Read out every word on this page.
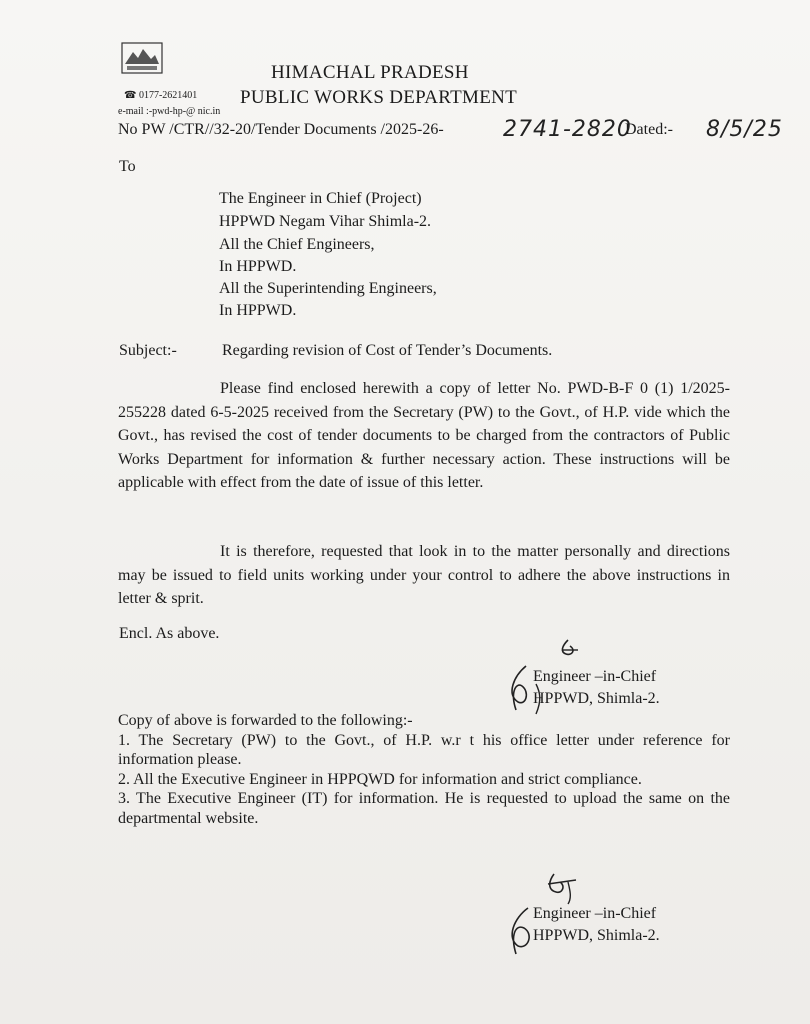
HIMACHAL PRADESH
PUBLIC WORKS DEPARTMENT
☎ 0177-2621401
e-mail :-pwd-hp-@ nic.in
No PW /CTR//32-20/Tender Documents /2025-26-	2741-2820
Dated:- 8/5/25
To
The Engineer in Chief (Project)
HPPWD Negam Vihar Shimla-2.
All the Chief Engineers,
In HPPWD.
All the Superintending Engineers,
In HPPWD.
Subject:-	Regarding revision of Cost of Tender’s Documents.

Please find enclosed herewith a copy of letter No. PWD-B-F 0 (1) 1/2025-255228 dated 6-5-2025 received from the Secretary (PW) to the Govt., of H.P. vide which the Govt., has revised the cost of tender documents to be charged from the contractors of Public Works Department for information & further necessary action. These instructions will be applicable with effect from the date of issue of this letter.

It is therefore, requested that look in to the matter personally and directions may be issued to field units working under your control to adhere the above instructions in letter & sprit.

Encl. As above.
Engineer –in-Chief
HPPWD, Shimla-2.
Copy of above is forwarded to the following:-
1. The Secretary (PW) to the Govt., of H.P. w.r t his office letter under reference for information please.
2. All the Executive Engineer in HPPQWD for information and strict compliance.
3. The Executive Engineer (IT) for information. He is requested to upload the same on the departmental website.
Engineer –in-Chief
HPPWD, Shimla-2.
